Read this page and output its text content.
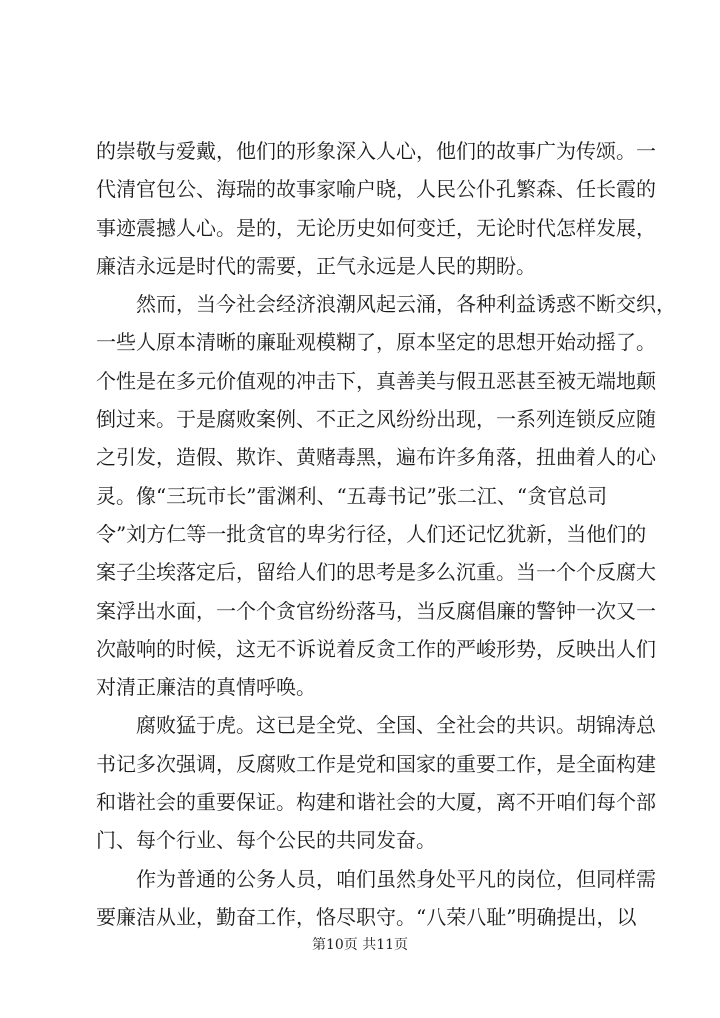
的崇敬与爱戴，他们的形象深入人心，他们的故事广为传颂。一
代清官包公、海瑞的故事家喻户晓，人民公仆孔繁森、任长霞的
事迹震撼人心。是的，无论历史如何变迁，无论时代怎样发展，
廉洁永远是时代的需要，正气永远是人民的期盼。
然而，当今社会经济浪潮风起云涌，各种利益诱惑不断交织，
一些人原本清晰的廉耻观模糊了，原本坚定的思想开始动摇了。
个性是在多元价值观的冲击下，真善美与假丑恶甚至被无端地颠
倒过来。于是腐败案例、不正之风纷纷出现，一系列连锁反应随
之引发，造假、欺诈、黄赌毒黑，遍布许多角落，扭曲着人的心
灵。像“三玩市长”雷渊利、“五毒书记”张二江、“贪官总司
令”刘方仁等一批贪官的卑劣行径，人们还记忆犹新，当他们的
案子尘埃落定后，留给人们的思考是多么沉重。当一个个反腐大
案浮出水面，一个个贪官纷纷落马，当反腐倡廉的警钟一次又一
次敲响的时候，这无不诉说着反贪工作的严峻形势，反映出人们
对清正廉洁的真情呼唤。
腐败猛于虎。这已是全党、全国、全社会的共识。胡锦涛总
书记多次强调，反腐败工作是党和国家的重要工作，是全面构建
和谐社会的重要保证。构建和谐社会的大厦，离不开咱们每个部
门、每个行业、每个公民的共同发奋。
作为普通的公务人员，咱们虽然身处平凡的岗位，但同样需
要廉洁从业，勤奋工作，恪尽职守。“八荣八耻”明确提出，以
第10页 共11页
